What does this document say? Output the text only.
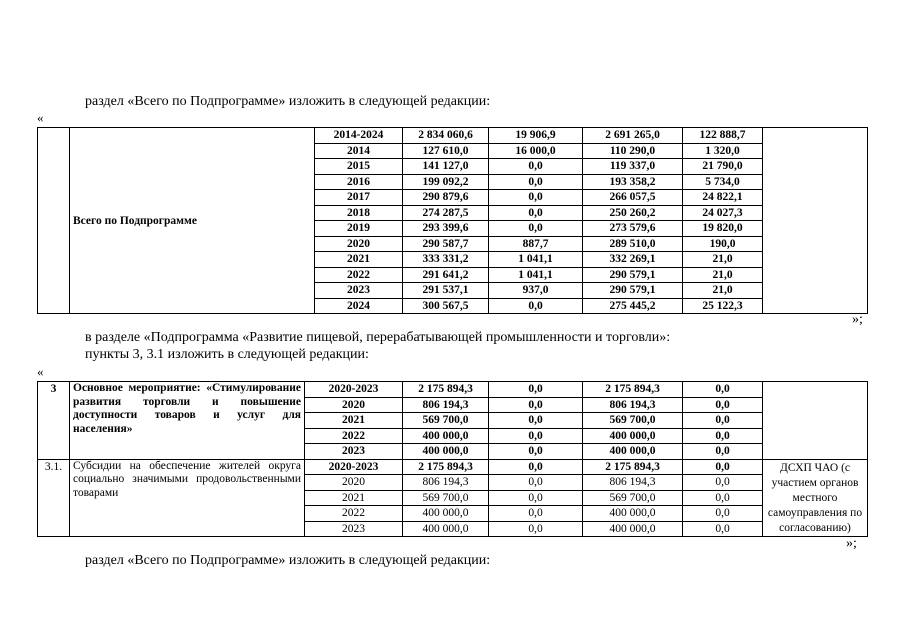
раздел «Всего по Подпрограмме» изложить в следующей редакции:
«
	Всего по Подпрограмме	2014-2024	2 834 060,6	19 906,9	2 691 265,0	122 888,7	
		2014	127 610,0	16 000,0	110 290,0	1 320,0	
		2015	141 127,0	0,0	119 337,0	21 790,0	
		2016	199 092,2	0,0	193 358,2	5 734,0	
		2017	290 879,6	0,0	266 057,5	24 822,1	
		2018	274 287,5	0,0	250 260,2	24 027,3	
		2019	293 399,6	0,0	273 579,6	19 820,0	
		2020	290 587,7	887,7	289 510,0	190,0	
		2021	333 331,2	1 041,1	332 269,1	21,0	
		2022	291 641,2	1 041,1	290 579,1	21,0	
		2023	291 537,1	937,0	290 579,1	21,0	
		2024	300 567,5	0,0	275 445,2	25 122,3	
»;
в разделе «Подпрограмма «Развитие пищевой, перерабатывающей промышленности и торговли»:
пункты 3, 3.1 изложить в следующей редакции:
«
3	Основное мероприятие: «Стимулирование развития торговли и повышение доступности товаров и услуг для населения»	2020-2023	2 175 894,3	0,0	2 175 894,3	0,0	
		2020	806 194,3	0,0	806 194,3	0,0	
		2021	569 700,0	0,0	569 700,0	0,0	
		2022	400 000,0	0,0	400 000,0	0,0	
		2023	400 000,0	0,0	400 000,0	0,0	
3.1.	Субсидии на обеспечение жителей округа социально значимыми продовольственными товарами	2020-2023	2 175 894,3	0,0	2 175 894,3	0,0	ДСХП ЧАО (с участием органов местного самоуправления по согласованию)
		2020	806 194,3	0,0	806 194,3	0,0	
		2021	569 700,0	0,0	569 700,0	0,0	
		2022	400 000,0	0,0	400 000,0	0,0	
		2023	400 000,0	0,0	400 000,0	0,0	
»;
раздел «Всего по Подпрограмме» изложить в следующей редакции:
